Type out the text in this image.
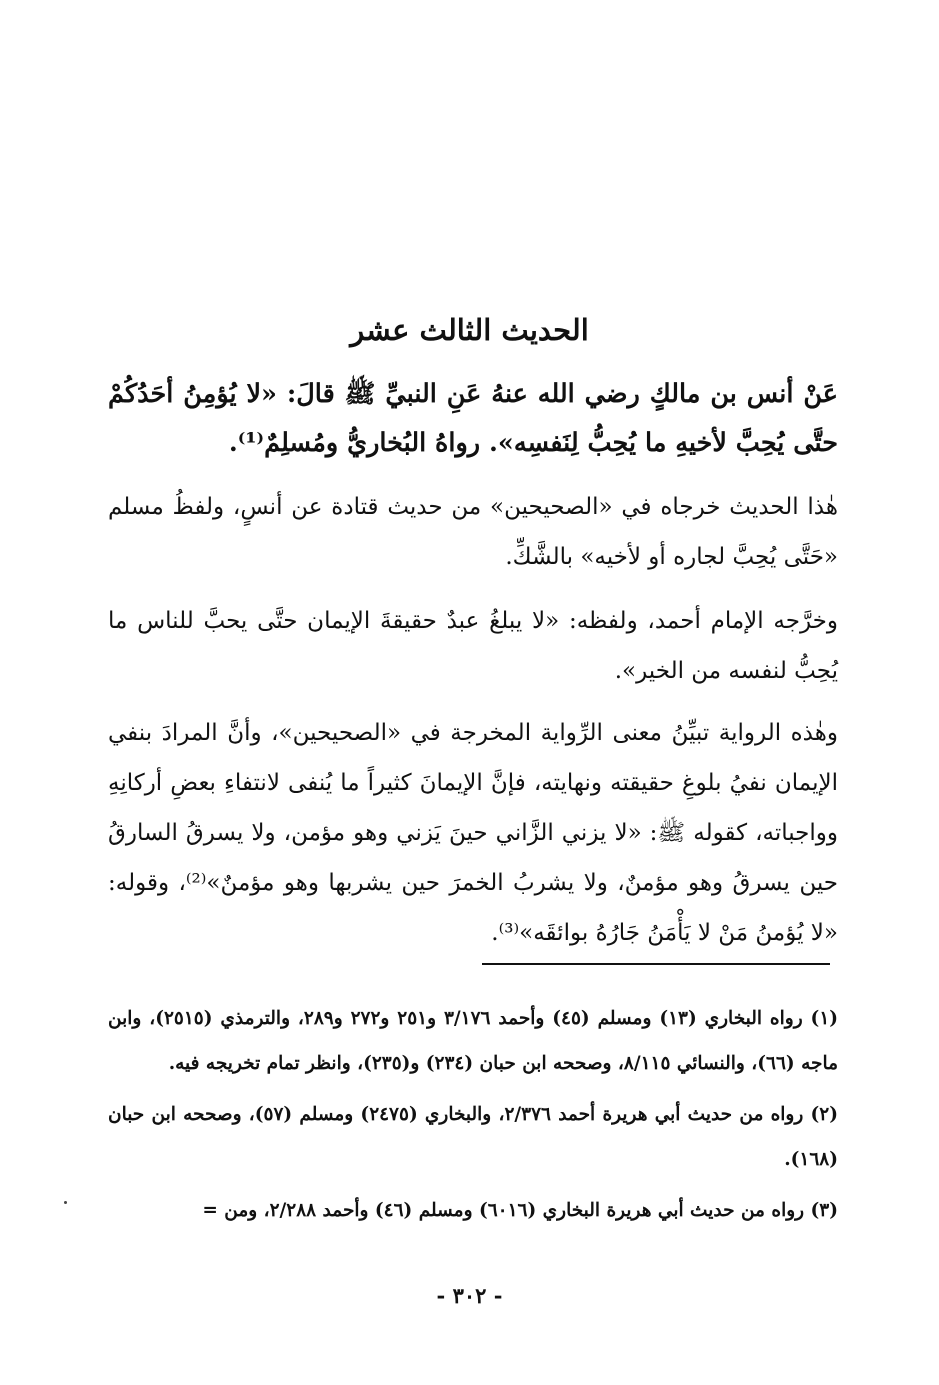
الحديث الثالث عشر
عَنْ أنس بن مالكٍ رضي الله عنهُ عَنِ النبيِّ ﷺ قالَ: «لا يُؤمِنُ أحَدُكُمْ حتَّى يُحِبَّ لأخيهِ ما يُحِبُّ لِنَفسِه». رواهُ البُخاريُّ ومُسلِمٌ⁽¹⁾.
هٰذا الحديث خرجاه في «الصحيحين» من حديث قتادة عن أنسٍ، ولفظُ مسلم «حَتَّى يُحِبَّ لجاره أو لأخيه» بالشَّكِّ.
وخرَّجه الإمام أحمد، ولفظه: «لا يبلغُ عبدٌ حقيقةَ الإيمان حتَّى يحبَّ للناس ما يُحِبُّ لنفسه من الخير».
وهٰذه الرواية تبيِّنُ معنى الرِّواية المخرجة في «الصحيحين»، وأنَّ المرادَ بنفي الإيمان نفيُ بلوغِ حقيقته ونهايته، فإنَّ الإيمانَ كثيراً ما يُنفى لانتفاءِ بعضِ أركانِهِ وواجباته، كقوله ﷺ: «لا يزني الزَّاني حينَ يَزني وهو مؤمن، ولا يسرقُ السارقُ حين يسرقُ وهو مؤمنٌ، ولا يشربُ الخمرَ حين يشربها وهو مؤمنٌ»⁽²⁾، وقوله: «لا يُؤمنُ مَنْ لا يَأْمَنُ جَارُهُ بوائقَه»⁽³⁾.
(١) رواه البخاري (١٣) ومسلم (٤٥) وأحمد ٣/١٧٦ و٢٥١ و٢٧٢ و٢٨٩، والترمذي (٢٥١٥)، وابن ماجه (٦٦)، والنسائي ٨/١١٥، وصححه ابن حبان (٢٣٤) و(٢٣٥)، وانظر تمام تخريجه فيه.
(٢) رواه من حديث أبي هريرة أحمد ٢/٣٧٦، والبخاري (٢٤٧٥) ومسلم (٥٧)، وصححه ابن حبان (١٦٨).
(٣) رواه من حديث أبي هريرة البخاري (٦٠١٦) ومسلم (٤٦) وأحمد ٢/٢٨٨، ومن =
- ٣٠٢ -
